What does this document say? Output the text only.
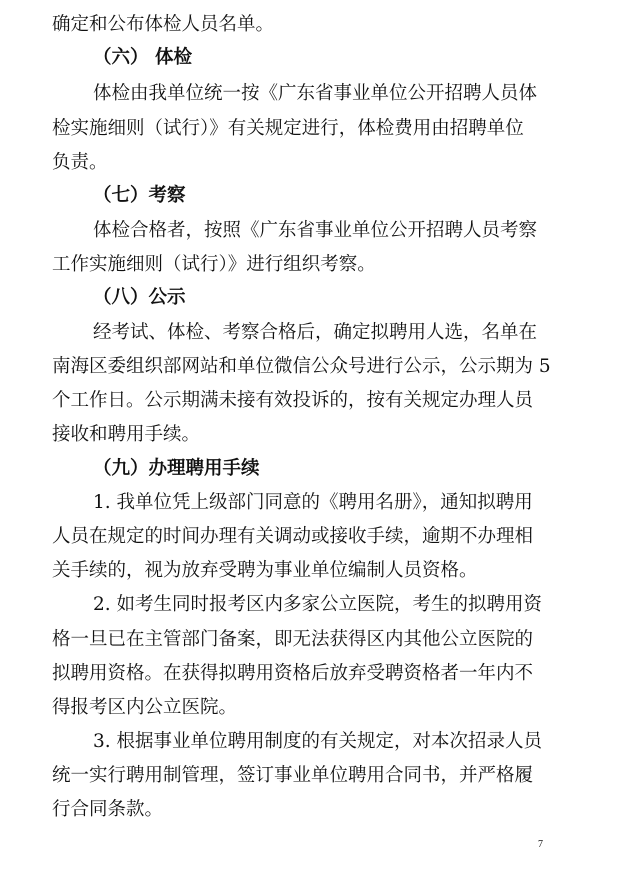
确定和公布体检人员名单。
（六） 体检
体检由我单位统一按《广东省事业单位公开招聘人员体
检实施细则（试行）》有关规定进行，体检费用由招聘单位
负责。
（七）考察
体检合格者，按照《广东省事业单位公开招聘人员考察
工作实施细则（试行）》进行组织考察。
（八）公示
经考试、体检、考察合格后，确定拟聘用人选，名单在
南海区委组织部网站和单位微信公众号进行公示，公示期为 5
个工作日。公示期满未接有效投诉的，按有关规定办理人员
接收和聘用手续。
（九）办理聘用手续
1. 我单位凭上级部门同意的《聘用名册》，通知拟聘用
人员在规定的时间办理有关调动或接收手续，逾期不办理相
关手续的，视为放弃受聘为事业单位编制人员资格。
2. 如考生同时报考区内多家公立医院，考生的拟聘用资
格一旦已在主管部门备案，即无法获得区内其他公立医院的
拟聘用资格。在获得拟聘用资格后放弃受聘资格者一年内不
得报考区内公立医院。
3. 根据事业单位聘用制度的有关规定，对本次招录人员
统一实行聘用制管理，签订事业单位聘用合同书，并严格履
行合同条款。
7
